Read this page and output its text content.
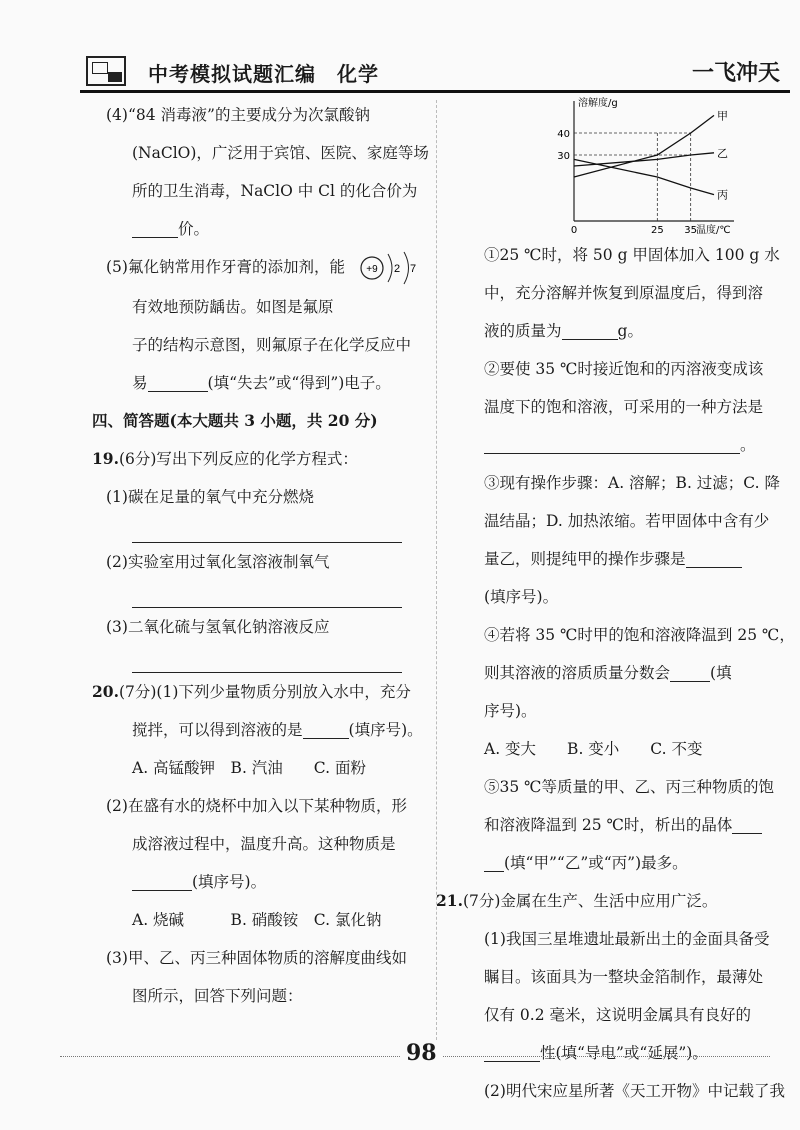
中考模拟试题汇编　化学	一飞冲天
(4)“84 消毒液”的主要成分为次氯酸钠
(NaClO)，广泛用于宾馆、医院、家庭等场
所的卫生消毒，NaClO 中 Cl 的化合价为
价。
(5)氟化钠常用作牙膏的添加剂，能 +9 2 7
有效地预防龋齿。如图是氟原
子的结构示意图，则氟原子在化学反应中
易	(填“失去”或“得到”)电子。
四、简答题(本大题共 3 小题，共 20 分)
19.(6分)写出下列反应的化学方程式：
(1)碳在足量的氧气中充分燃烧
(2)实验室用过氧化氢溶液制氧气
(3)二氧化硫与氢氧化钠溶液反应
20.(7分)(1)下列少量物质分别放入水中，充分
搅拌，可以得到溶液的是	(填序号)。
A. 高锰酸钾　B. 汽油　　C. 面粉
(2)在盛有水的烧杯中加入以下某种物质，形
成溶液过程中，温度升高。这种物质是
(填序号)。
A. 烧碱　　　B. 硝酸铵　C. 氯化钠
(3)甲、乙、丙三种固体物质的溶解度曲线如
图所示，回答下列问题：
溶解度/g
温度/℃
40
30
0	25 35
甲
乙
丙
①25 ℃时，将 50 g 甲固体加入 100 g 水
中，充分溶解并恢复到原温度后，得到溶
液的质量为	g。
②要使 35 ℃时接近饱和的丙溶液变成该
温度下的饱和溶液，可采用的一种方法是
。
③现有操作步骤：A. 溶解；B. 过滤；C. 降
温结晶；D. 加热浓缩。若甲固体中含有少
量乙，则提纯甲的操作步骤是
(填序号)。
④若将 35 ℃时甲的饱和溶液降温到 25 ℃，
则其溶液的溶质质量分数会	(填
序号)。
A. 变大　　B. 变小　　C. 不变
⑤35 ℃等质量的甲、乙、丙三种物质的饱
和溶液降温到 25 ℃时，析出的晶体
(填“甲”“乙”或“丙”)最多。
21.(7分)金属在生产、生活中应用广泛。
(1)我国三星堆遗址最新出土的金面具备受
瞩目。该面具为一整块金箔制作，最薄处
仅有 0.2 毫米，这说明金属具有良好的
性(填“导电”或“延展”)。
(2)明代宋应星所著《天工开物》中记载了我
98
